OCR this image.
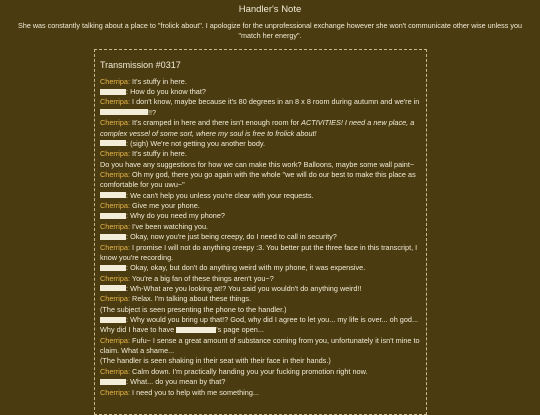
Handler's Note
She was constantly talking about a place to "frolick about". I apologize for the unprofessional exchange however she won't communicate other wise unless you "match her energy".
Transmission #0317

Cherripa: It's stuffy in here.

: How do you know that?

Cherripa: I don't know, maybe because it's 80 degrees in an 8 x 8 room during autumn and we're in !!?

Cherripa: It's cramped in here and there isn't enough room for ACTIVITIES! I need a new place, a complex vessel of some sort, where my soul is free to frolick about!

: (sigh) We're not getting you another body.

Cherripa: It's stuffy in here.

Do you have any suggestions for how we can make this work? Balloons, maybe some wall paint~

Cherripa: Oh my god, there you go again with the whole "we will do our best to make this place as comfortable for you uwu~"

: We can't help you unless you're clear with your requests.

Cherripa: Give me your phone.

: Why do you need my phone?

Cherripa: I've been watching you.

: Okay, now you're just being creepy, do I need to call in security?

Cherripa: I promise I will not do anything creepy :3. You better put the three face in this transcript, I know you're recording.

: Okay, okay, but don't do anything weird with my phone, it was expensive.

Cherripa: You're a big fan of these things aren't you~?

: Wh-What are you looking at!? You said you wouldn't do anything weird!!

Cherripa: Relax. I'm talking about these things.

(The subject is seen presenting the phone to the handler.)

: Why would you bring up that!? God, why did I agree to let you... my life is over... oh god... Why did I have to have	's page open...

Cherripa: Fufu~ I sense a great amount of substance coming from you, unfortunately it isn't mine to claim. What a shame...

(The handler is seen shaking in their seat with their face in their hands.)

Cherripa: Calm down. I'm practically handing you your fucking promotion right now.

: What... do you mean by that?

Cherripa: I need you to help with me something...
